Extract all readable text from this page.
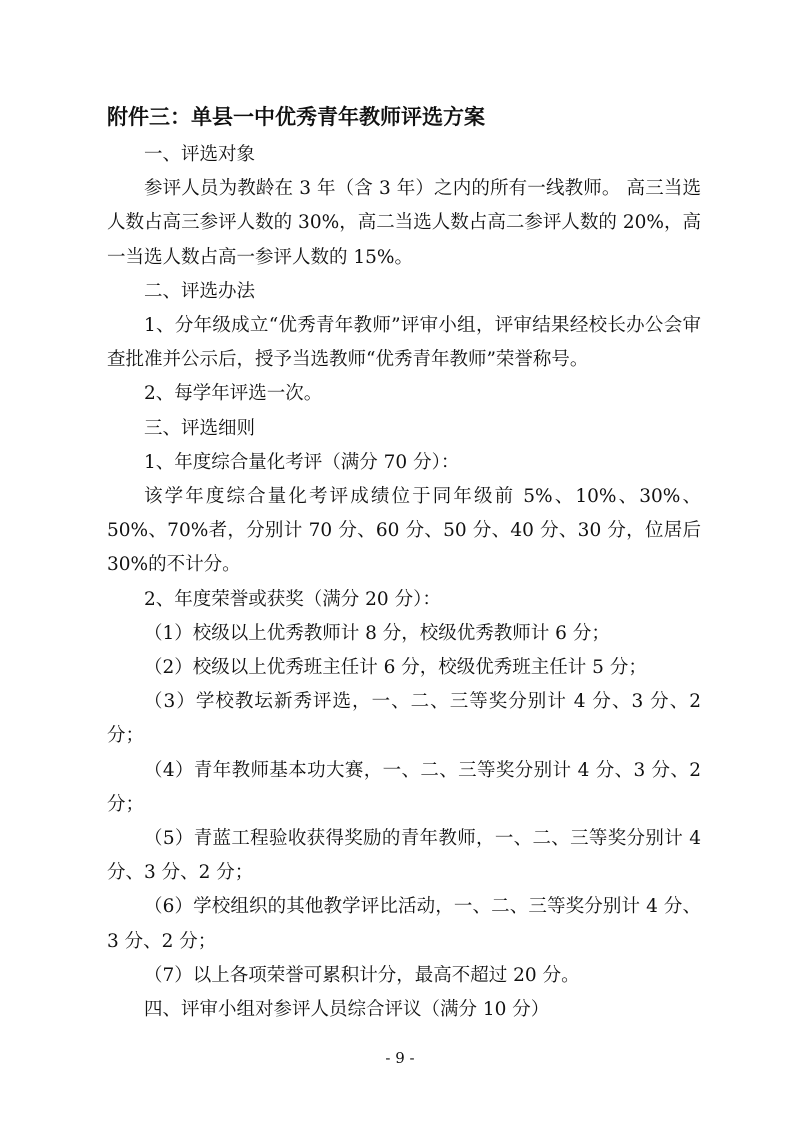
附件三：单县一中优秀青年教师评选方案

一、评选对象

参评人员为教龄在 3 年（含 3 年）之内的所有一线教师。 高三当选人数占高三参评人数的 30%，高二当选人数占高二参评人数的 20%，高一当选人数占高一参评人数的 15%。

二、评选办法

1、分年级成立“优秀青年教师”评审小组，评审结果经校长办公会审查批准并公示后，授予当选教师“优秀青年教师”荣誉称号。

2、每学年评选一次。

三、评选细则

1、年度综合量化考评（满分 70 分）：

该学年度综合量化考评成绩位于同年级前 5%、10%、30%、50%、70%者，分别计 70 分、60 分、50 分、40 分、30 分，位居后 30%的不计分。

2、年度荣誉或获奖（满分 20 分）：

（1）校级以上优秀教师计 8 分，校级优秀教师计 6 分；

（2）校级以上优秀班主任计 6 分，校级优秀班主任计 5 分；

（3）学校教坛新秀评选，一、二、三等奖分别计 4 分、3 分、2 分；

（4）青年教师基本功大赛，一、二、三等奖分别计 4 分、3 分、2 分；

（5）青蓝工程验收获得奖励的青年教师，一、二、三等奖分别计 4 分、3 分、2 分；

（6）学校组织的其他教学评比活动，一、二、三等奖分别计 4 分、3 分、2 分；

（7）以上各项荣誉可累积计分，最高不超过 20 分。

四、评审小组对参评人员综合评议（满分 10 分）

- 9 -
